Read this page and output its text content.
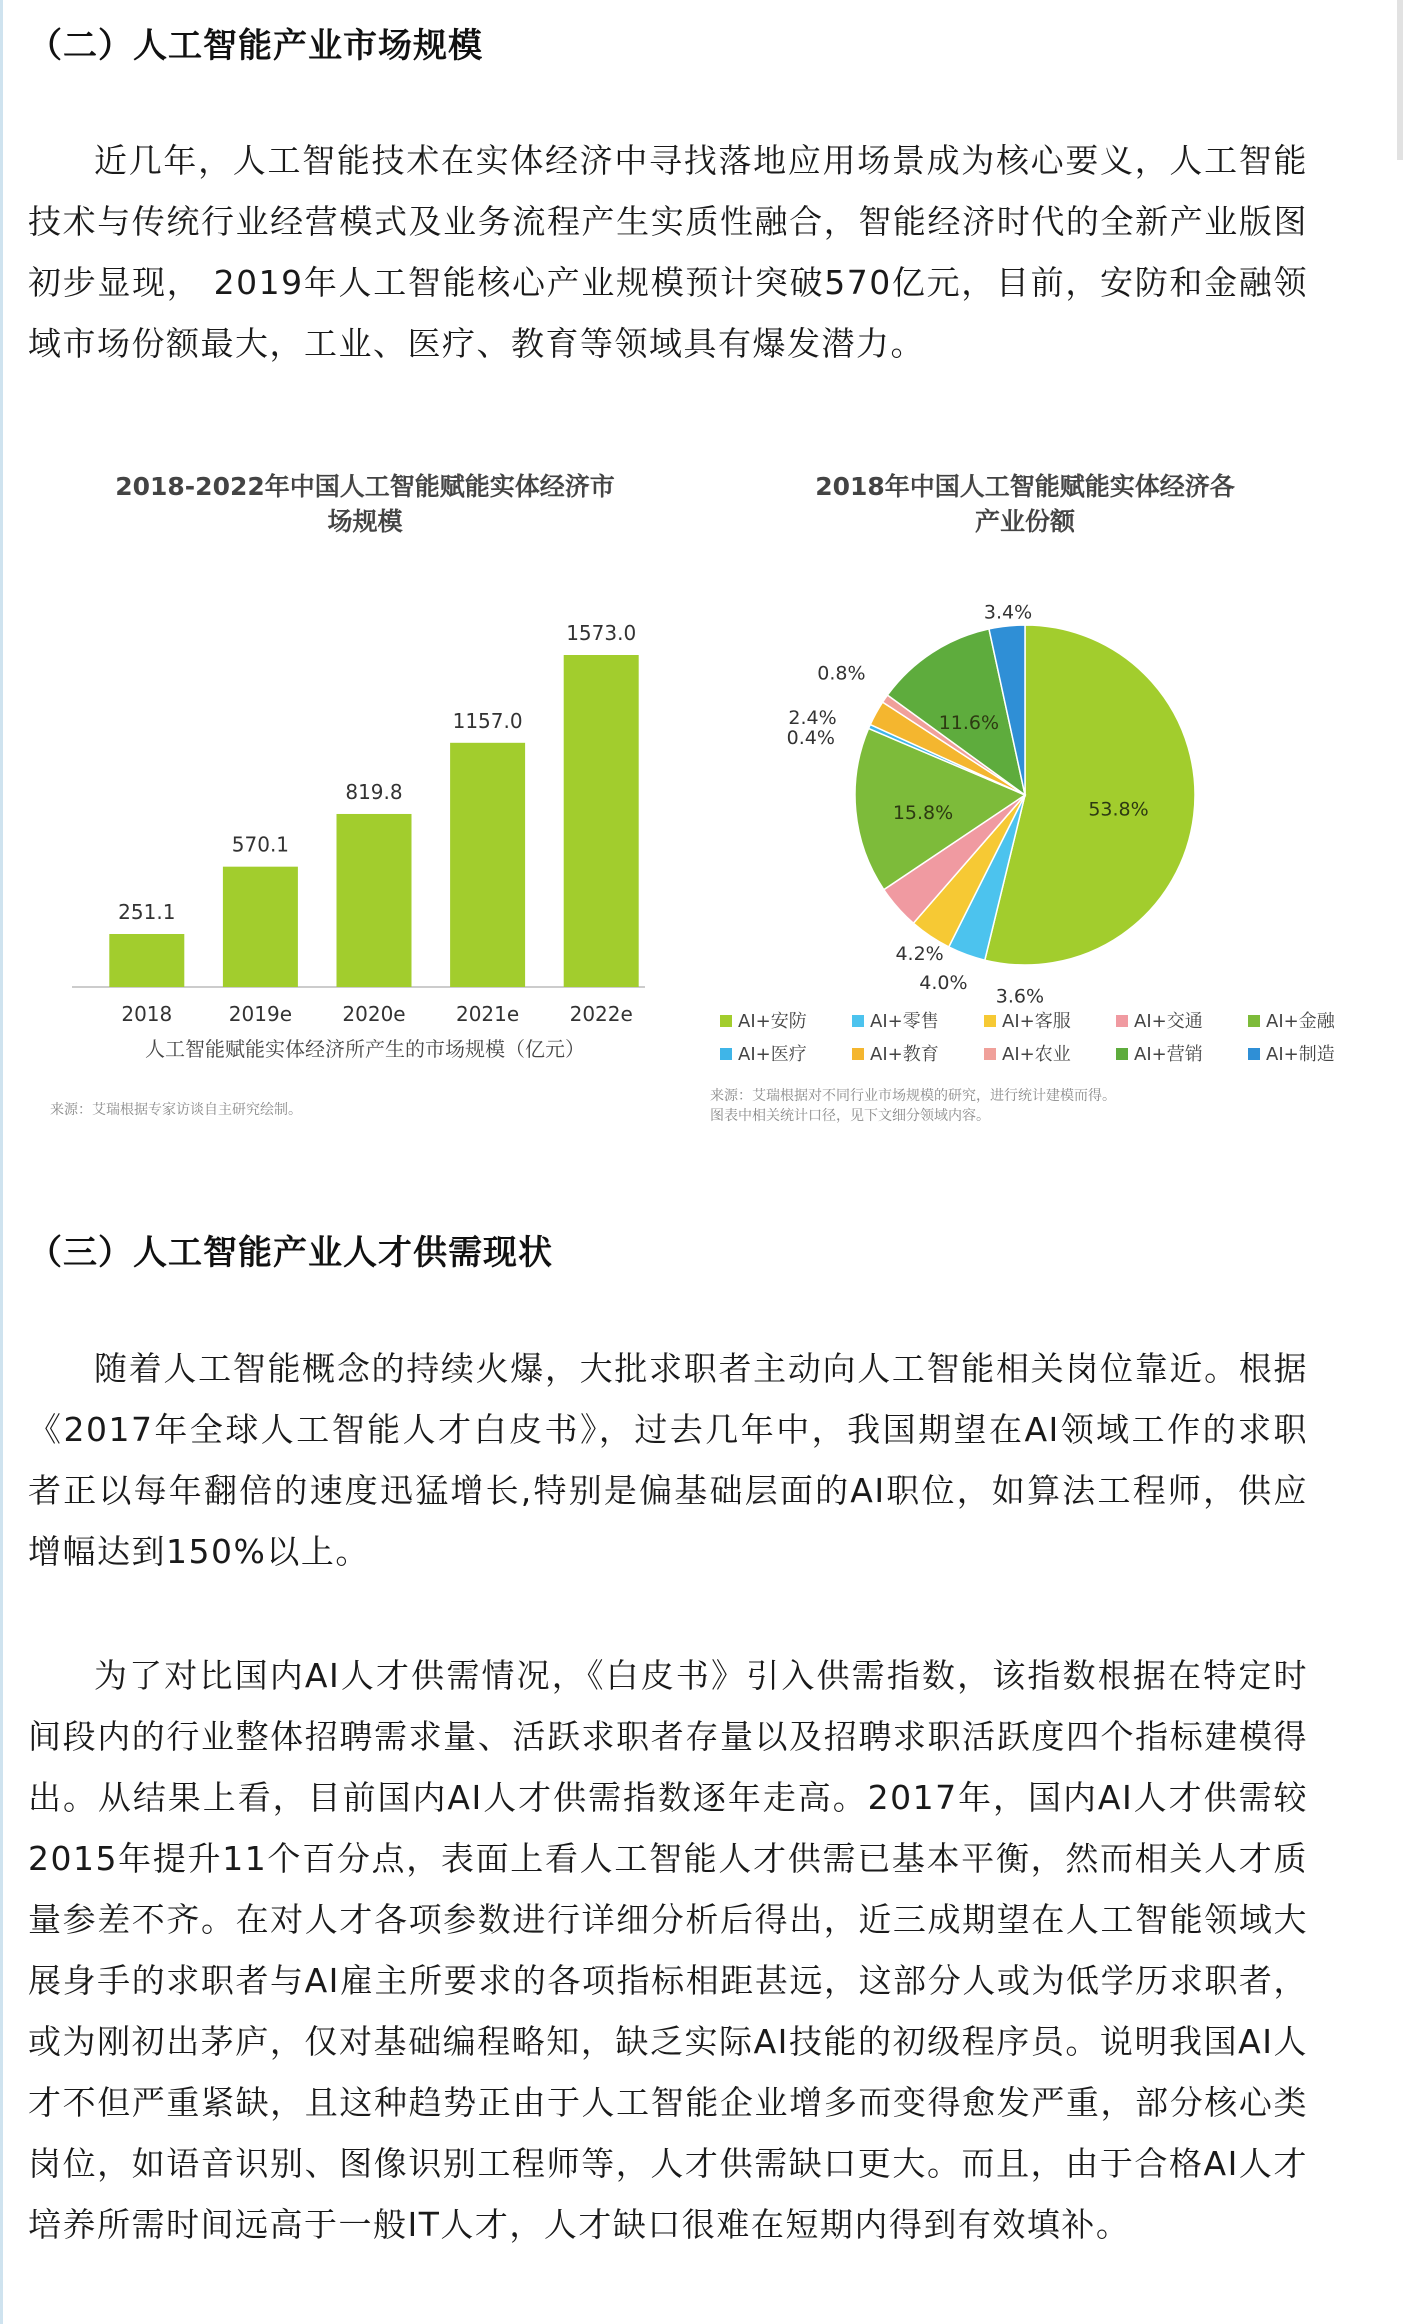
（二）人工智能产业市场规模

近几年，人工智能技术在实体经济中寻找落地应用场景成为核心要义，人工智能技术与传统行业经营模式及业务流程产生实质性融合，智能经济时代的全新产业版图初步显现， 2019年人工智能核心产业规模预计突破570亿元，目前，安防和金融领域市场份额最大，工业、医疗、教育等领域具有爆发潜力。

2018-2022年中国人工智能赋能实体经济市
场规模
251.1
2018
570.1
2019e
819.8
2020e
1157.0
2021e
1573.0
2022e
人工智能赋能实体经济所产生的市场规模（亿元）
来源：艾瑞根据专家访谈自主研究绘制。
2018年中国人工智能赋能实体经济各
产业份额
53.8%
3.6%
4.0%
4.2%
15.8%
0.4%
2.4%
0.8%
11.6%
3.4%
AI+安防	AI+零售	AI+客服	AI+交通	AI+金融
AI+医疗	AI+教育	AI+农业	AI+营销	AI+制造
来源：艾瑞根据对不同行业市场规模的研究，进行统计建模而得。
图表中相关统计口径，见下文细分领域内容。
（三）人工智能产业人才供需现状

随着人工智能概念的持续火爆，大批求职者主动向人工智能相关岗位靠近。根据《2017年全球人工智能人才白皮书》，过去几年中，我国期望在AI领域工作的求职者正以每年翻倍的速度迅猛增长,特别是偏基础层面的AI职位，如算法工程师，供应增幅达到150%以上。

为了对比国内AI人才供需情况，《白皮书》引入供需指数，该指数根据在特定时间段内的行业整体招聘需求量、活跃求职者存量以及招聘求职活跃度四个指标建模得出。从结果上看，目前国内AI人才供需指数逐年走高。2017年，国内AI人才供需较2015年提升11个百分点，表面上看人工智能人才供需已基本平衡，然而相关人才质量参差不齐。在对人才各项参数进行详细分析后得出，近三成期望在人工智能领域大展身手的求职者与AI雇主所要求的各项指标相距甚远，这部分人或为低学历求职者，或为刚初出茅庐，仅对基础编程略知，缺乏实际AI技能的初级程序员。说明我国AI人才不但严重紧缺，且这种趋势正由于人工智能企业增多而变得愈发严重，部分核心类岗位，如语音识别、图像识别工程师等，人才供需缺口更大。而且，由于合格AI人才培养所需时间远高于一般IT人才，人才缺口很难在短期内得到有效填补。
